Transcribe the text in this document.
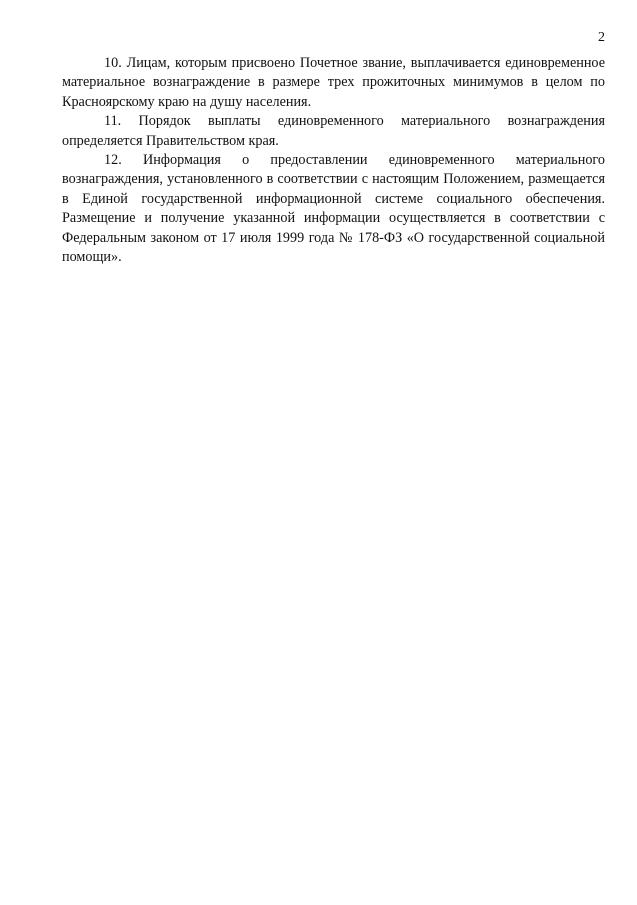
2

10. Лицам, которым присвоено Почетное звание, выплачивается единовременное материальное вознаграждение в размере трех прожиточных минимумов в целом по Красноярскому краю на душу населения.

11. Порядок выплаты единовременного материального вознаграждения определяется Правительством края.

12. Информация о предоставлении единовременного материального вознаграждения, установленного в соответствии с настоящим Положением, размещается в Единой государственной информационной системе социального обеспечения. Размещение и получение указанной информации осуществляется в соответствии с Федеральным законом от 17 июля 1999 года № 178-ФЗ «О государственной социальной помощи».
